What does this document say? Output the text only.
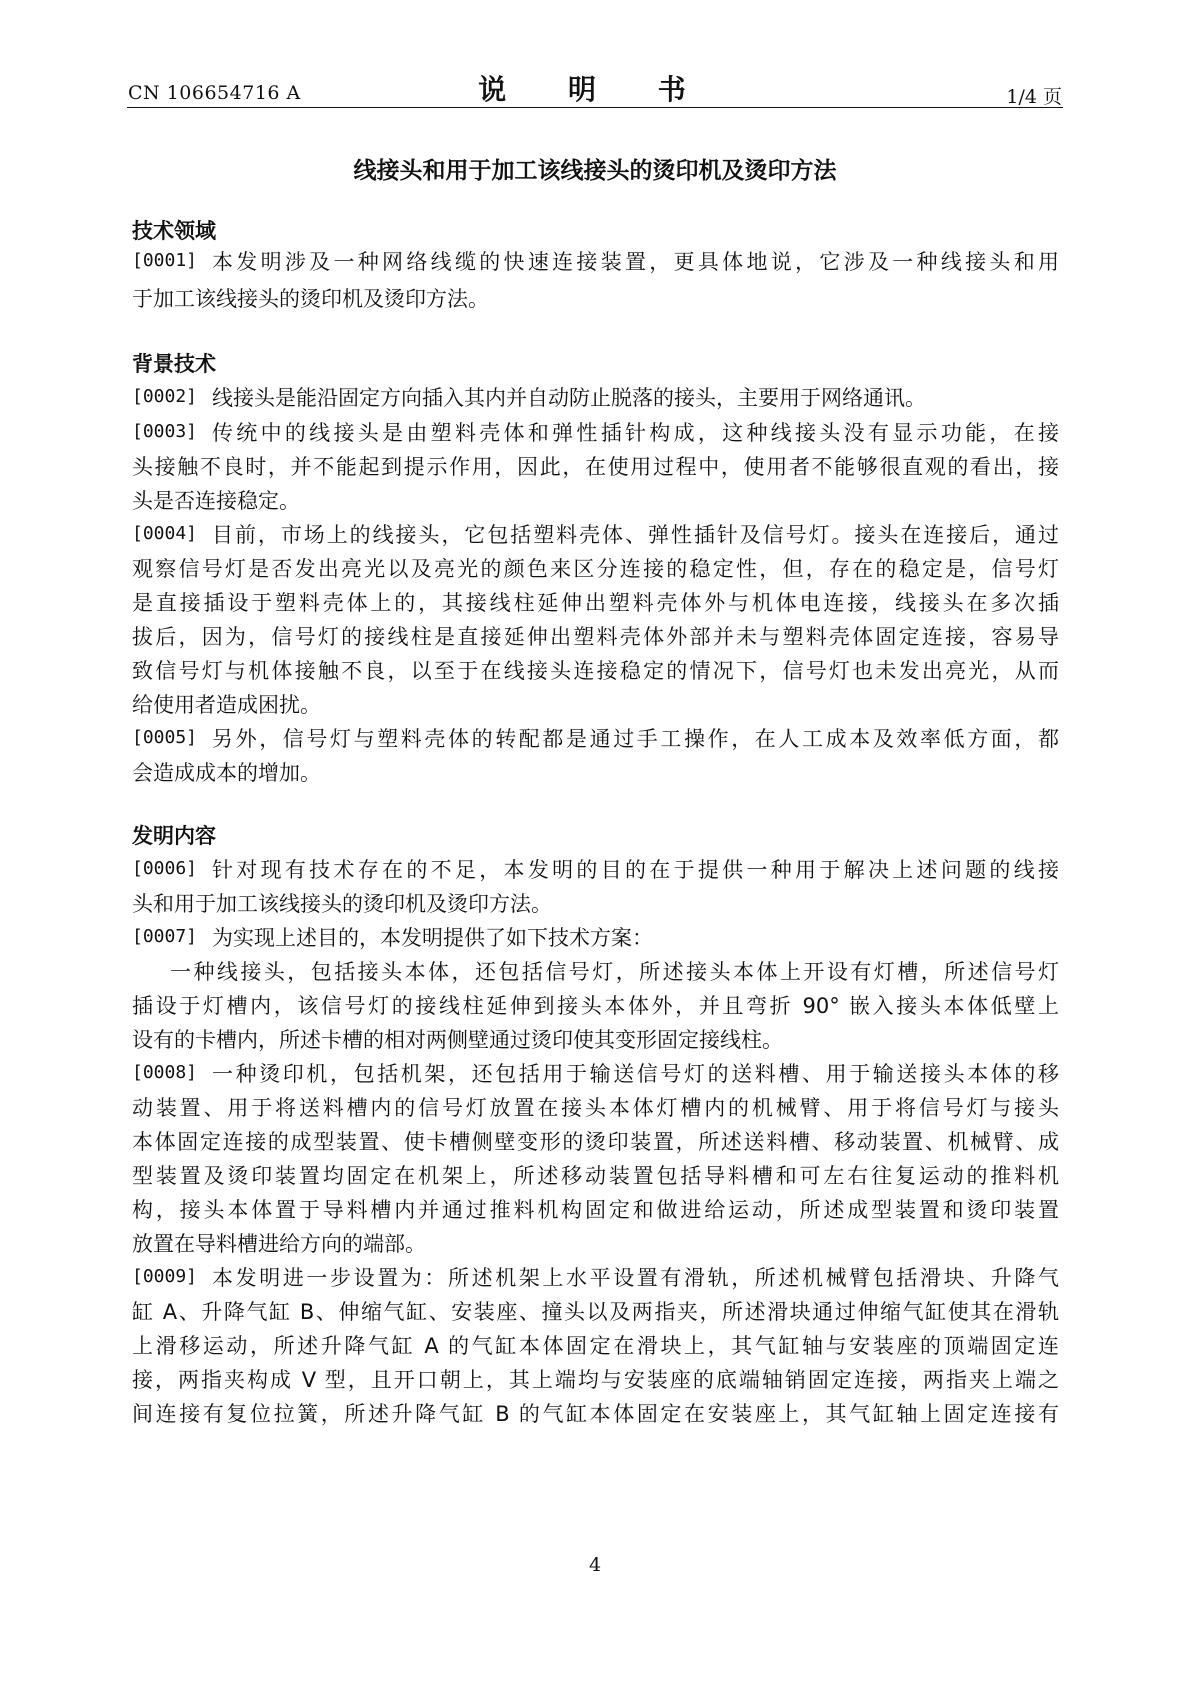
CN 106654716 A	说 明 书	1/4 页
线接头和用于加工该线接头的烫印机及烫印方法
技术领域
[0001] 本发明涉及一种网络线缆的快速连接装置，更具体地说，它涉及一种线接头和用
于加工该线接头的烫印机及烫印方法。
背景技术
[0002] 线接头是能沿固定方向插入其内并自动防止脱落的接头，主要用于网络通讯。
[0003] 传统中的线接头是由塑料壳体和弹性插针构成，这种线接头没有显示功能，在接
头接触不良时，并不能起到提示作用，因此，在使用过程中，使用者不能够很直观的看出，接
头是否连接稳定。
[0004] 目前，市场上的线接头，它包括塑料壳体、弹性插针及信号灯。接头在连接后，通过
观察信号灯是否发出亮光以及亮光的颜色来区分连接的稳定性，但，存在的稳定是，信号灯
是直接插设于塑料壳体上的，其接线柱延伸出塑料壳体外与机体电连接，线接头在多次插
拔后，因为，信号灯的接线柱是直接延伸出塑料壳体外部并未与塑料壳体固定连接，容易导
致信号灯与机体接触不良，以至于在线接头连接稳定的情况下，信号灯也未发出亮光，从而
给使用者造成困扰。
[0005] 另外，信号灯与塑料壳体的转配都是通过手工操作，在人工成本及效率低方面，都
会造成成本的增加。
发明内容
[0006] 针对现有技术存在的不足，本发明的目的在于提供一种用于解决上述问题的线接
头和用于加工该线接头的烫印机及烫印方法。
[0007] 为实现上述目的，本发明提供了如下技术方案：
一种线接头，包括接头本体，还包括信号灯，所述接头本体上开设有灯槽，所述信号灯
插设于灯槽内，该信号灯的接线柱延伸到接头本体外，并且弯折 90° 嵌入接头本体低壁上
设有的卡槽内，所述卡槽的相对两侧壁通过烫印使其变形固定接线柱。
[0008] 一种烫印机，包括机架，还包括用于输送信号灯的送料槽、用于输送接头本体的移
动装置、用于将送料槽内的信号灯放置在接头本体灯槽内的机械臂、用于将信号灯与接头
本体固定连接的成型装置、使卡槽侧壁变形的烫印装置，所述送料槽、移动装置、机械臂、成
型装置及烫印装置均固定在机架上，所述移动装置包括导料槽和可左右往复运动的推料机
构，接头本体置于导料槽内并通过推料机构固定和做进给运动，所述成型装置和烫印装置
放置在导料槽进给方向的端部。
[0009] 本发明进一步设置为：所述机架上水平设置有滑轨，所述机械臂包括滑块、升降气
缸 A、升降气缸 B、伸缩气缸、安装座、撞头以及两指夹，所述滑块通过伸缩气缸使其在滑轨
上滑移运动，所述升降气缸 A 的气缸本体固定在滑块上，其气缸轴与安装座的顶端固定连
接，两指夹构成 V 型，且开口朝上，其上端均与安装座的底端轴销固定连接，两指夹上端之
间连接有复位拉簧，所述升降气缸 B 的气缸本体固定在安装座上，其气缸轴上固定连接有
4
